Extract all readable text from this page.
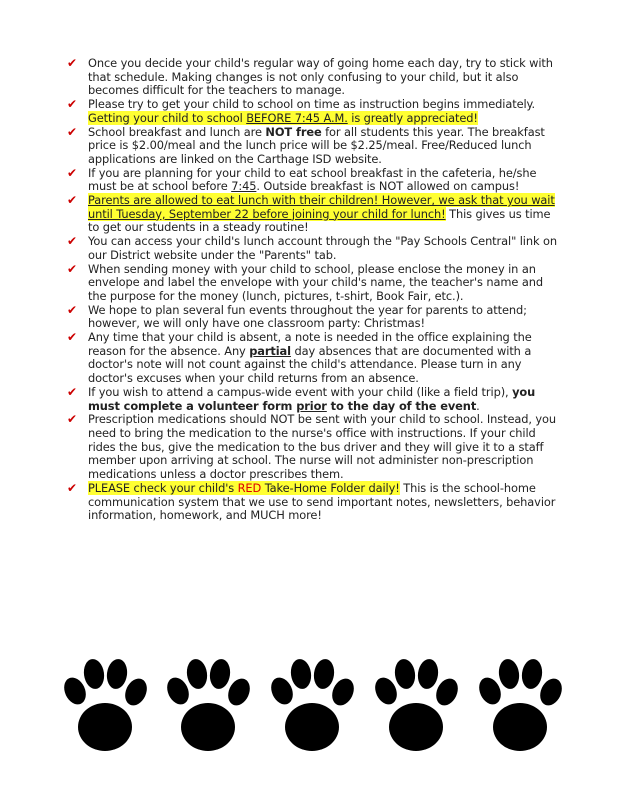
✔ Once you decide your child's regular way of going home each day, try to stick with that schedule. Making changes is not only confusing to your child, but it also becomes difficult for the teachers to manage.
✔ Please try to get your child to school on time as instruction begins immediately. Getting your child to school BEFORE 7:45 A.M. is greatly appreciated!
✔ School breakfast and lunch are NOT free for all students this year. The breakfast price is $2.00/meal and the lunch price will be $2.25/meal. Free/Reduced lunch applications are linked on the Carthage ISD website.
✔ If you are planning for your child to eat school breakfast in the cafeteria, he/she must be at school before 7:45. Outside breakfast is NOT allowed on campus!
✔ Parents are allowed to eat lunch with their children! However, we ask that you wait until Tuesday, September 22 before joining your child for lunch! This gives us time to get our students in a steady routine!
✔ You can access your child's lunch account through the "Pay Schools Central" link on our District website under the "Parents" tab.
✔ When sending money with your child to school, please enclose the money in an envelope and label the envelope with your child's name, the teacher's name and the purpose for the money (lunch, pictures, t-shirt, Book Fair, etc.).
✔ We hope to plan several fun events throughout the year for parents to attend; however, we will only have one classroom party: Christmas!
✔ Any time that your child is absent, a note is needed in the office explaining the reason for the absence. Any partial day absences that are documented with a doctor's note will not count against the child's attendance. Please turn in any doctor's excuses when your child returns from an absence.
✔ If you wish to attend a campus-wide event with your child (like a field trip), you must complete a volunteer form prior to the day of the event.
✔ Prescription medications should NOT be sent with your child to school. Instead, you need to bring the medication to the nurse's office with instructions. If your child rides the bus, give the medication to the bus driver and they will give it to a staff member upon arriving at school. The nurse will not administer non-prescription medications unless a doctor prescribes them.
✔ PLEASE check your child's RED Take-Home Folder daily! This is the school-home communication system that we use to send important notes, newsletters, behavior information, homework, and MUCH more!
